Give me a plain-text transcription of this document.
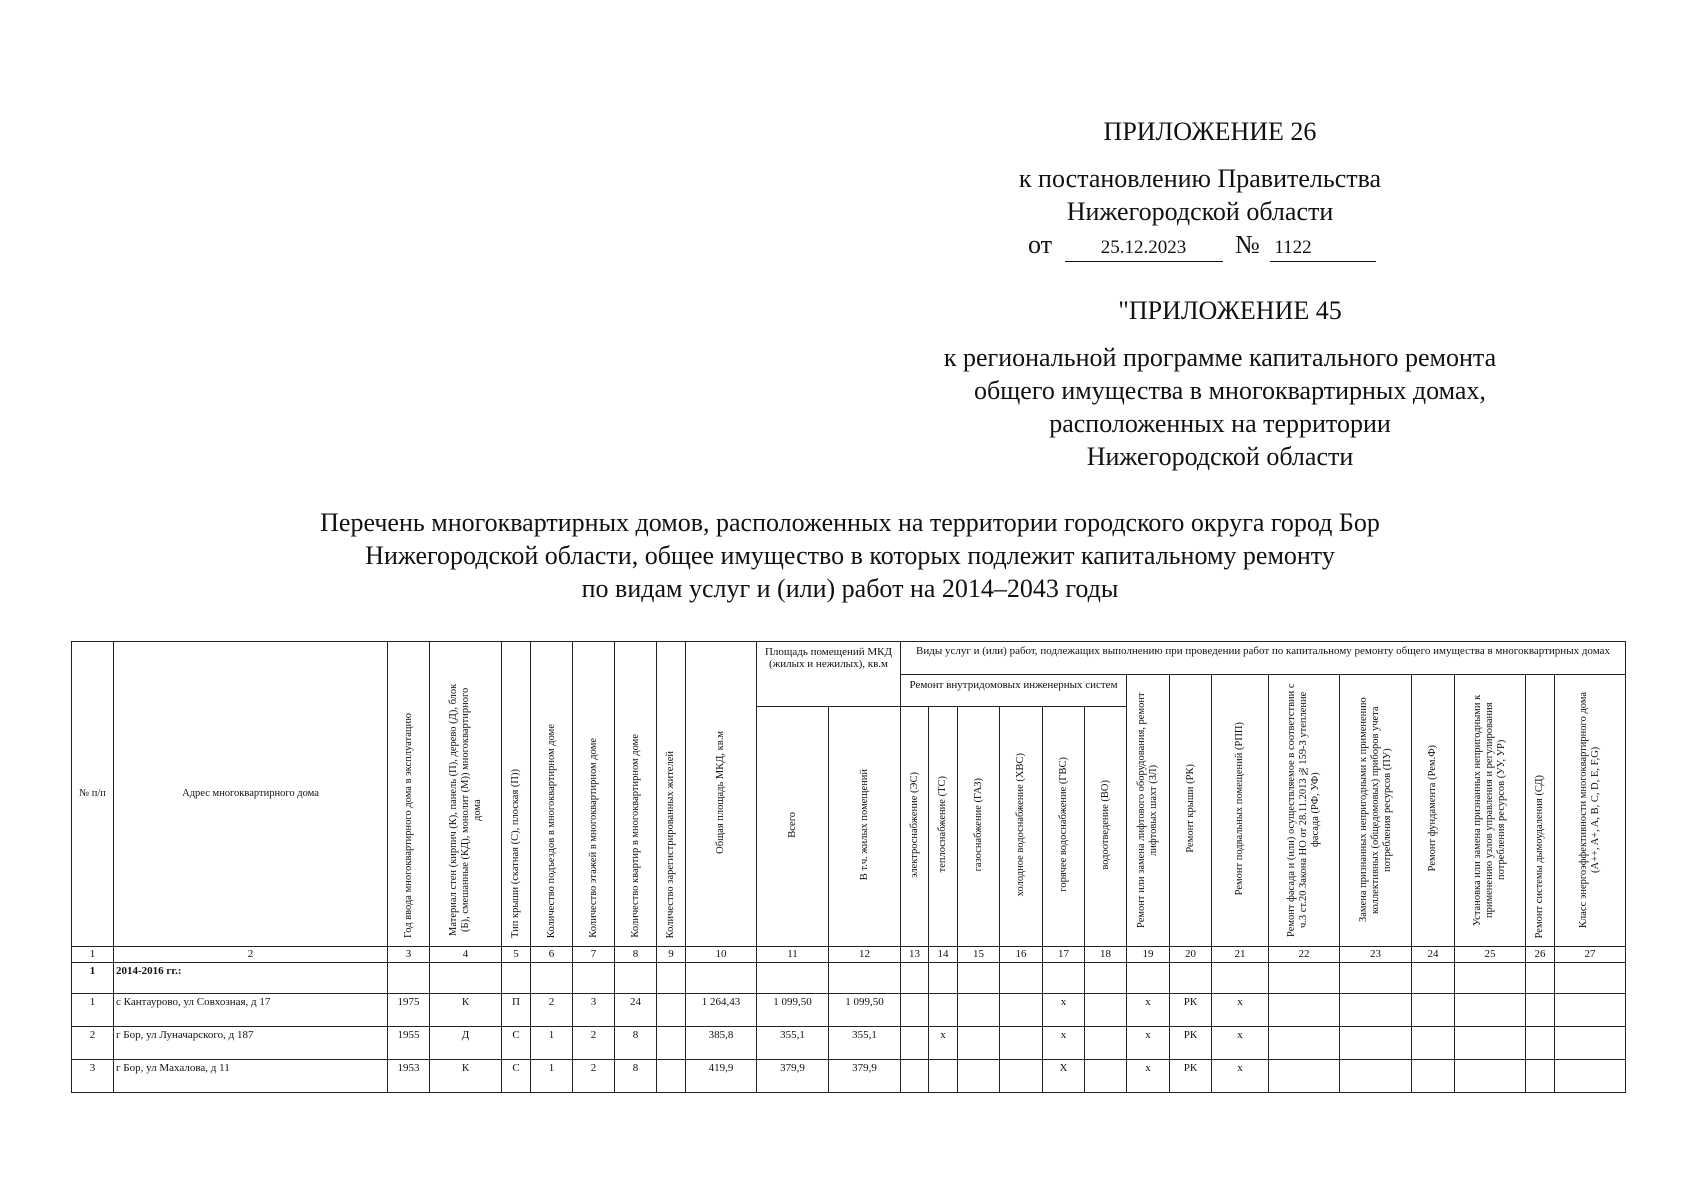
ПРИЛОЖЕНИЕ 26
к постановлению Правительства
Нижегородской области
от	25.12.2023 № 1122
"ПРИЛОЖЕНИЕ 45
к региональной программе капитального ремонта
общего имущества в многоквартирных домах,
расположенных на территории
Нижегородской области
Перечень многоквартирных домов, расположенных на территории городского округа город Бор
Нижегородской области, общее имущество в которых подлежит капитальному ремонту
по видам услуг и (или) работ на 2014–2043 годы
№ п/п	Адрес многоквартирного дома	Год ввода многоквартирного дома в эксплуатацию	Материал стен (кирпич (К), панель (П), дерево (Д), блок (Б), смешанные (КД), монолит (М)) многоквартирного дома	Тип крыши (скатная (С), плоская (П))	Количество подъездов в многоквартирном доме	Количество этажей в многоквартирном доме	Количество квартир в многоквартирном доме	Количество зарегистрированных жителей	Общая площадь МКД, кв.м	Площадь помещений МКД (жилых и нежилых), кв.м		Виды услуг и (или) работ, подлежащих выполнению при проведении работ по капитальному ремонту общего имущества в многоквартирных домах														
												Ремонт внутридомовых инженерных систем						Ремонт или замена лифтового оборудования, ремонт лифтовых шахт (ЗЛ)	Ремонт крыши (РК)	Ремонт подвальных помещений (РПП)	Ремонт фасада и (или) осуществляемое в соответствии с ч.3 ст.20 Закона НО от 28.11.2013 №159-З утепление фасада (РФ, УФ)	Замена признанных непригодными к применению коллективных (общедомовых) приборов учета потребления ресурсов (ПУ)	Ремонт фундамента (Рем.Ф)	Установка или замена признанных непригодными к применению узлов управления и регулирования потребления ресурсов (УУ, УР)	Ремонт системы дымоудаления (СД)	Класс энергоэффективности многоквартирного дома (A++, A+, A, B, C, D, E, F,G)
										Всего	В т.ч. жилых помещений	электроснабжение (ЭС)	теплоснабжение (ТС)	газоснабжение (ГАЗ)	холодное водоснабжение (ХВС)	горячее водоснабжение (ГВС)	водоотведение (ВО)									
1	2	3	4	5	6	7	8	9	10	11	12	13	14	15	16	17	18	19	20	21	22	23	24	25	26	27
1	2014-2016 гг.:																									
1	с Кантаурово, ул Совхозная, д 17	1975	К	П	2	3	24		1 264,43	1 099,50	1 099,50					х		х	РК	х						
2	г Бор, ул Луначарского, д 187	1955	Д	С	1	2	8		385,8	355,1	355,1		х			х		х	РК	х						
3	г Бор, ул Махалова, д 11	1953	К	С	1	2	8		419,9	379,9	379,9					Х		х	РК	х						
